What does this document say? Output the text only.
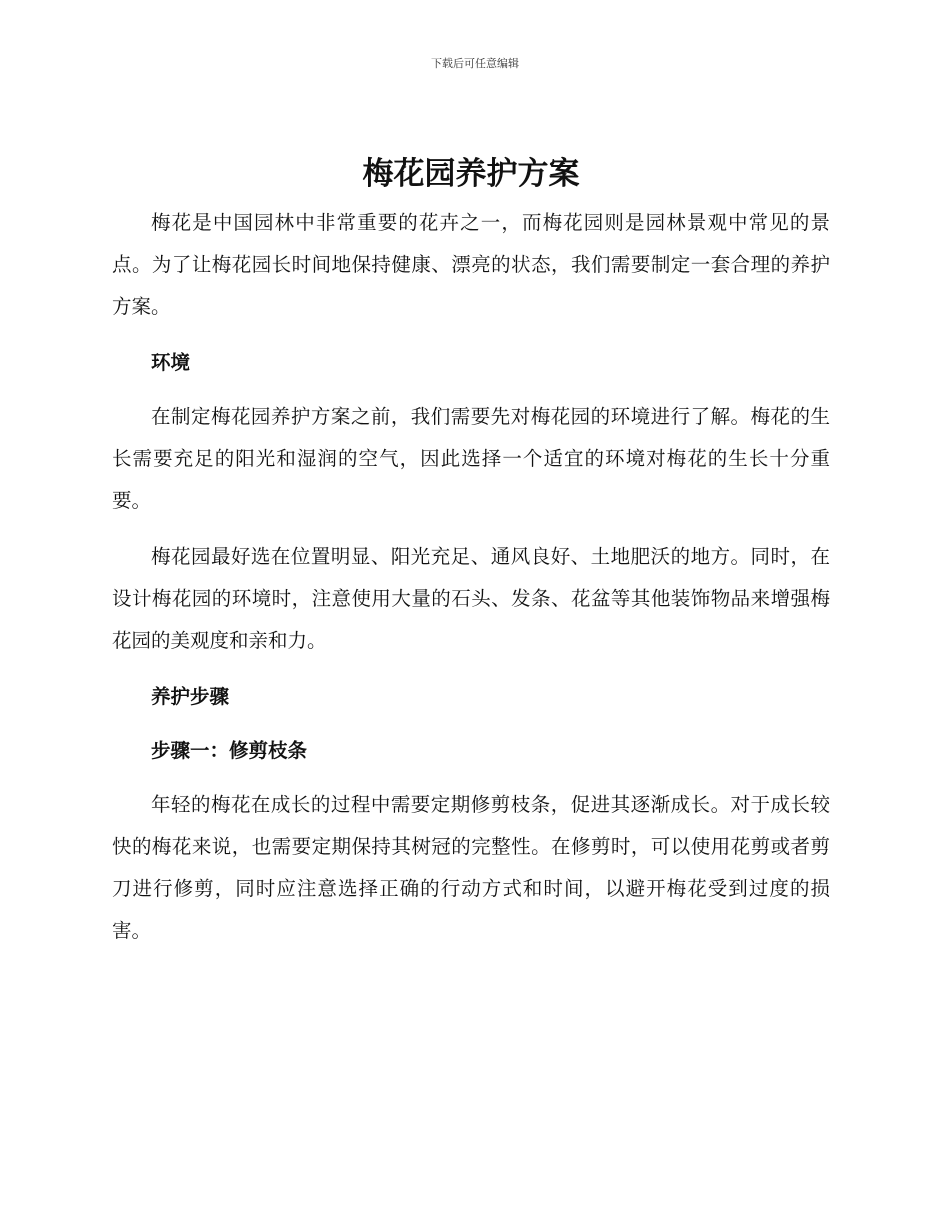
下载后可任意编辑
梅花园养护方案

梅花是中国园林中非常重要的花卉之一，而梅花园则是园林景观中常见的景点。为了让梅花园长时间地保持健康、漂亮的状态，我们需要制定一套合理的养护方案。

环境

在制定梅花园养护方案之前，我们需要先对梅花园的环境进行了解。梅花的生长需要充足的阳光和湿润的空气，因此选择一个适宜的环境对梅花的生长十分重要。

梅花园最好选在位置明显、阳光充足、通风良好、土地肥沃的地方。同时，在设计梅花园的环境时，注意使用大量的石头、发条、花盆等其他装饰物品来增强梅花园的美观度和亲和力。

养护步骤
步骤一：修剪枝条

年轻的梅花在成长的过程中需要定期修剪枝条，促进其逐渐成长。对于成长较快的梅花来说，也需要定期保持其树冠的完整性。在修剪时，可以使用花剪或者剪刀进行修剪，同时应注意选择正确的行动方式和时间，以避开梅花受到过度的损害。
